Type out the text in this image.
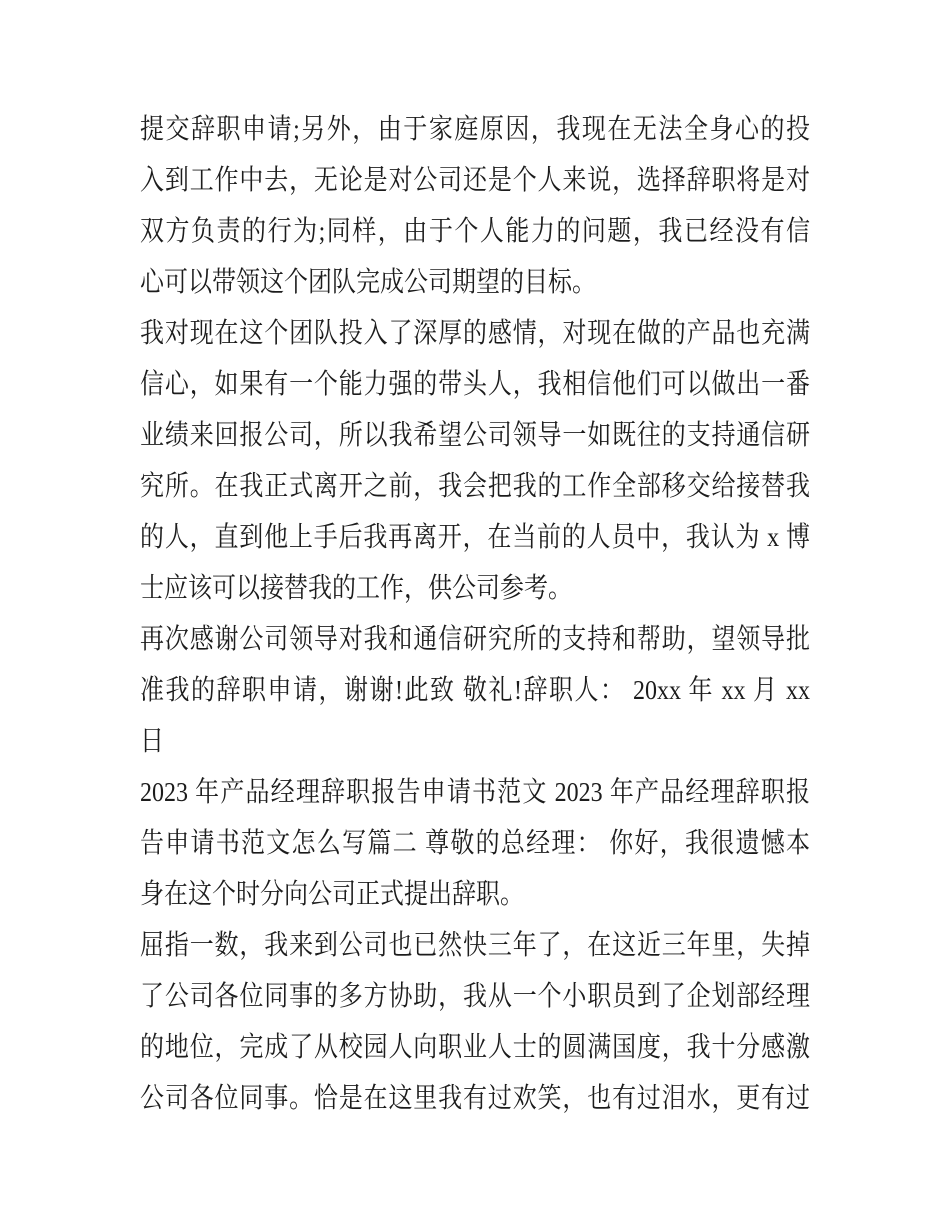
提交辞职申请;另外，由于家庭原因，我现在无法全身心的投
入到工作中去，无论是对公司还是个人来说，选择辞职将是对
双方负责的行为;同样，由于个人能力的问题，我已经没有信
心可以带领这个团队完成公司期望的目标。
我对现在这个团队投入了深厚的感情，对现在做的产品也充满
信心，如果有一个能力强的带头人，我相信他们可以做出一番
业绩来回报公司，所以我希望公司领导一如既往的支持通信研
究所。在我正式离开之前，我会把我的工作全部移交给接替我
的人，直到他上手后我再离开，在当前的人员中，我认为 x 博
士应该可以接替我的工作，供公司参考。
再次感谢公司领导对我和通信研究所的支持和帮助，望领导批
准我的辞职申请，谢谢!此致 敬礼!辞职人： 20xx 年 xx 月 xx
日
2023 年产品经理辞职报告申请书范文 2023 年产品经理辞职报
告申请书范文怎么写篇二 尊敬的总经理： 你好，我很遗憾本
身在这个时分向公司正式提出辞职。
屈指一数，我来到公司也已然快三年了，在这近三年里，失掉
了公司各位同事的多方协助，我从一个小职员到了企划部经理
的地位，完成了从校园人向职业人士的圆满国度，我十分感激
公司各位同事。恰是在这里我有过欢笑，也有过泪水，更有过
